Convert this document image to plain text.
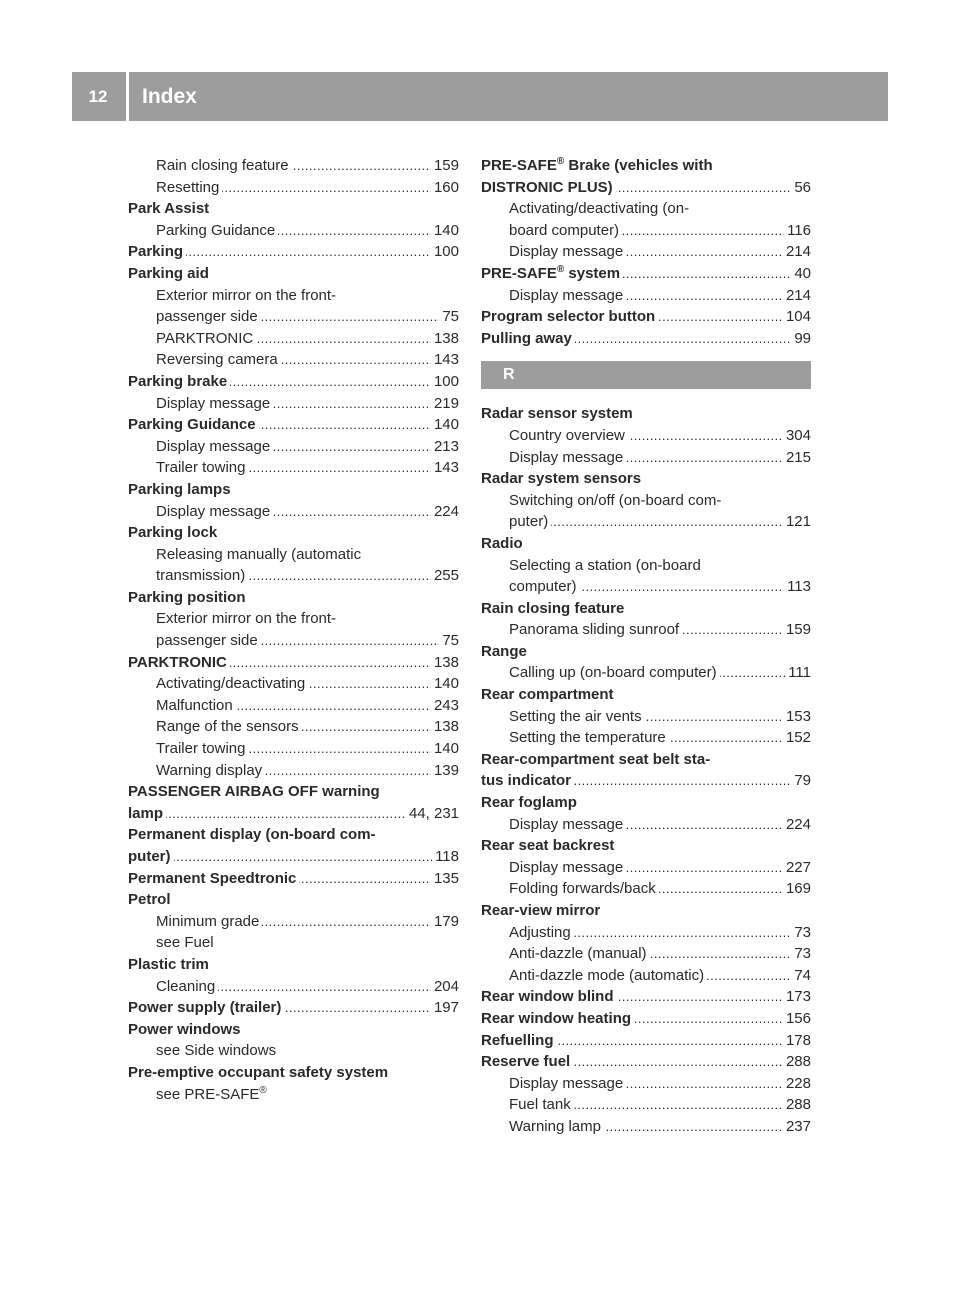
12	Index
. . . Rain closing feature	159
. . . Resetting	160
Park Assist
. . . Parking Guidance	140
. . . Parking	100
Parking aid
Exterior mirror on the front-
. . . passenger side	75
. . . PARKTRONIC	138
. . . Reversing camera	143
. . . Parking brake	100
. . . Display message	219
. . . Parking Guidance	140
. . . Display message	213
. . . Trailer towing	143
Parking lamps
. . . Display message	224
Parking lock
Releasing manually (automatic
. . . transmission)	255
Parking position
Exterior mirror on the front-
. . . passenger side	75
. . . PARKTRONIC	138
. . . Activating/deactivating	140
. . . Malfunction	243
. . . Range of the sensors	138
. . . Trailer towing	140
. . . Warning display	139
PASSENGER AIRBAG OFF warning
. . . lamp	44, 231
Permanent display (on-board com-
. . . puter)	118
. . . Permanent Speedtronic	135
Petrol
. . . Minimum grade	179
see Fuel
Plastic trim
. . . Cleaning	204
. . . Power supply (trailer)	197
Power windows
see Side windows
Pre-emptive occupant safety system
see PRE-SAFE®
PRE-SAFE® Brake (vehicles with
. . . DISTRONIC PLUS)	56
Activating/deactivating (on-
. . . board computer)	116
. . . Display message	214
. . . PRE-SAFE® system	40
. . . Display message	214
. . . Program selector button	104
. . . Pulling away	99
R
Radar sensor system
. . . Country overview	304
. . . Display message	215
Radar system sensors
Switching on/off (on-board com-
. . . puter)	121
Radio
Selecting a station (on-board
. . . computer)	113
Rain closing feature
. . . Panorama sliding sunroof	159
Range
. . . Calling up (on-board computer)	111
Rear compartment
. . . Setting the air vents	153
. . . Setting the temperature	152
Rear-compartment seat belt sta-
. . . tus indicator	79
Rear foglamp
. . . Display message	224
Rear seat backrest
. . . Display message	227
. . . Folding forwards/back	169
Rear-view mirror
. . . Adjusting	73
. . . Anti-dazzle (manual)	73
. . . Anti-dazzle mode (automatic)	74
. . . Rear window blind	173
. . . Rear window heating	156
. . . Refuelling	178
. . . Reserve fuel	288
. . . Display message	228
. . . Fuel tank	288
. . . Warning lamp	237
